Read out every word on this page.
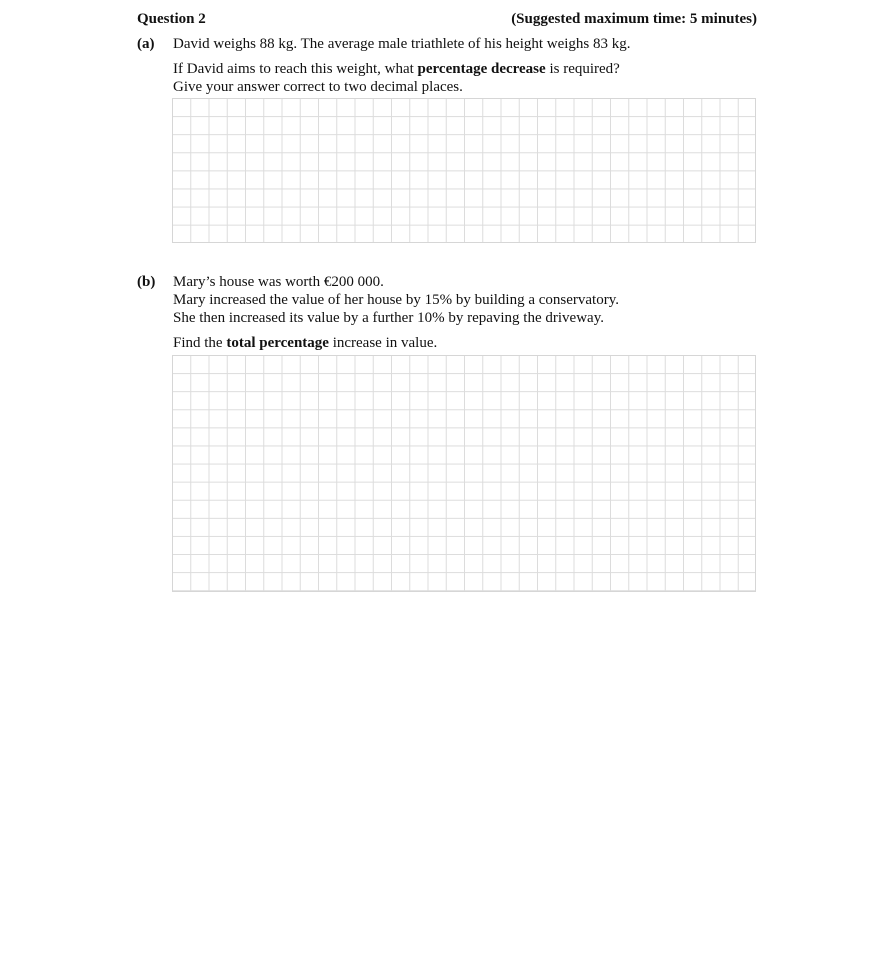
Question 2	(Suggested maximum time: 5 minutes)
(a) David weighs 88 kg. The average male triathlete of his height weighs 83 kg.
If David aims to reach this weight, what percentage decrease is required?
Give your answer correct to two decimal places.
(b) Mary’s house was worth €200 000.
Mary increased the value of her house by 15% by building a conservatory.
She then increased its value by a further 10% by repaving the driveway.
Find the total percentage increase in value.
